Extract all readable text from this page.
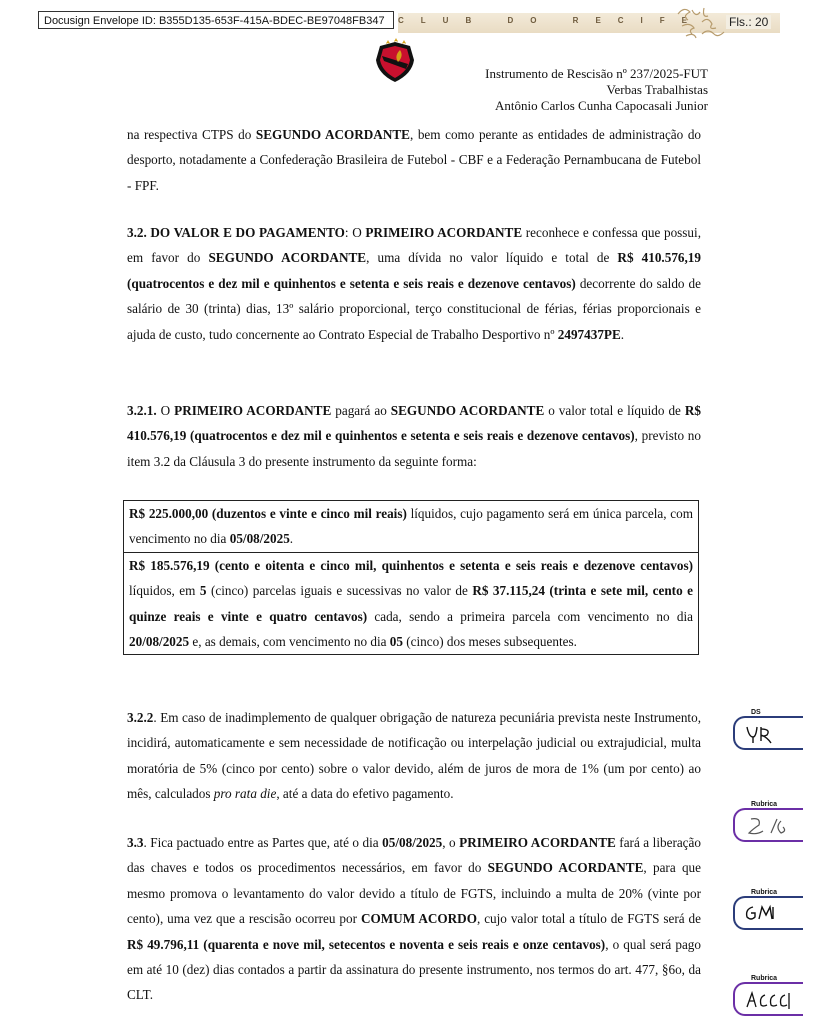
Docusign Envelope ID: B355D135-653F-415A-BDEC-BE97048FB347	CLUB DO RECIFE Fls.: 20
Instrumento de Rescisão nº 237/2025-FUT
Verbas Trabalhistas
Antônio Carlos Cunha Capocasali Junior

na respectiva CTPS do SEGUNDO ACORDANTE, bem como perante as entidades de administração do desporto, notadamente a Confederação Brasileira de Futebol - CBF e a Federação Pernambucana de Futebol - FPF.

3.2. DO VALOR E DO PAGAMENTO: O PRIMEIRO ACORDANTE reconhece e confessa que possui, em favor do SEGUNDO ACORDANTE, uma dívida no valor líquido e total de R$ 410.576,19 (quatrocentos e dez mil e quinhentos e setenta e seis reais e dezenove centavos) decorrente do saldo de salário de 30 (trinta) dias, 13º salário proporcional, terço constitucional de férias, férias proporcionais e ajuda de custo, tudo concernente ao Contrato Especial de Trabalho Desportivo nº 2497437PE.

3.2.1. O PRIMEIRO ACORDANTE pagará ao SEGUNDO ACORDANTE o valor total e líquido de R$ 410.576,19 (quatrocentos e dez mil e quinhentos e setenta e seis reais e dezenove centavos), previsto no item 3.2 da Cláusula 3 do presente instrumento da seguinte forma:

R$ 225.000,00 (duzentos e vinte e cinco mil reais) líquidos, cujo pagamento será em única parcela, com vencimento no dia 05/08/2025.
R$ 185.576,19 (cento e oitenta e cinco mil, quinhentos e setenta e seis reais e dezenove centavos) líquidos, em 5 (cinco) parcelas iguais e sucessivas no valor de R$ 37.115,24 (trinta e sete mil, cento e quinze reais e vinte e quatro centavos) cada, sendo a primeira parcela com vencimento no dia 20/08/2025 e, as demais, com vencimento no dia 05 (cinco) dos meses subsequentes.

3.2.2. Em caso de inadimplemento de qualquer obrigação de natureza pecuniária prevista neste Instrumento, incidirá, automaticamente e sem necessidade de notificação ou interpelação judicial ou extrajudicial, multa moratória de 5% (cinco por cento) sobre o valor devido, além de juros de mora de 1% (um por cento) ao mês, calculados pro rata die, até a data do efetivo pagamento.

3.3. Fica pactuado entre as Partes que, até o dia 05/08/2025, o PRIMEIRO ACORDANTE fará a liberação das chaves e todos os procedimentos necessários, em favor do SEGUNDO ACORDANTE, para que mesmo promova o levantamento do valor devido a título de FGTS, incluindo a multa de 20% (vinte por cento), uma vez que a rescisão ocorreu por COMUM ACORDO, cujo valor total a título de FGTS será de R$ 49.796,11 (quarenta e nove mil, setecentos e noventa e seis reais e onze centavos), o qual será pago em até 10 (dez) dias contados a partir da assinatura do presente instrumento, nos termos do art. 477, §6o, da CLT.

DS
Rubrica
Rubrica
Rubrica
